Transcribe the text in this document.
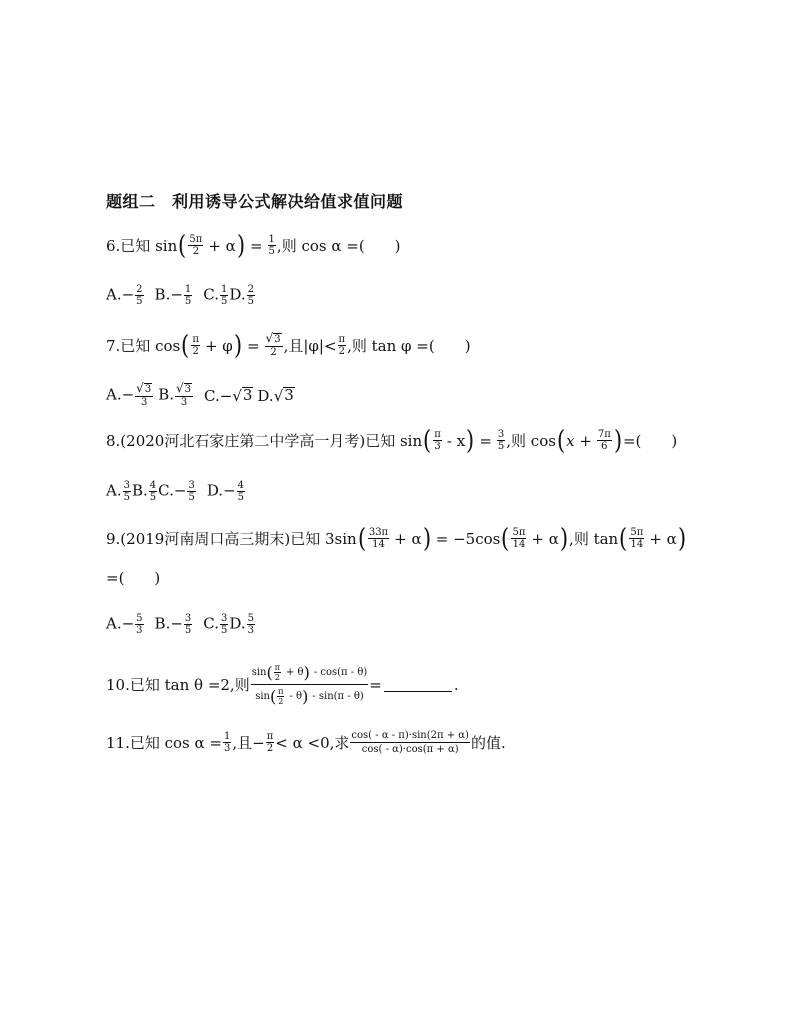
题组二　利用诱导公式解决给值求值问题
6.已知 sin ( $\frac{5\pi}{2} + \alpha$ ) = $\frac{1}{5}$ ,则 cos α =(　　)
$A.- \frac{2}{5} B.- \frac{1}{5} C$. $\frac{1}{5} D$. $\frac{2}{5}$
7.已知 cos ( $\frac{\pi}{2} + \varphi$ ) = $\frac{√ 3}{2}$ ,且$|\varphi|< \frac{\pi}{2}$ ,则 tan φ =(　　)
$A.- \frac{√ 3}{3} B$. $\frac{√ 3}{3} C.-$ √ 3 D. √ 3
8.(2020河北石家庄第二中学高一月考)已知 sin ( $\frac{\pi}{3}$ - x ) = $\frac{3}{5}$ ,则 cos ( $x + \frac{7\pi}{6}$ ) =(　　)
A. $\frac{3}{5} B$. $\frac{4}{5} C.- \frac{3}{5} D.- \frac{4}{5}$
9.(2019河南周口高三期末)已知 3sin ( $\frac{33\pi}{14} + \alpha$ ) = −5cos ( $\frac{5\pi}{14} + \alpha$ ) ,则 tan ( $\frac{5\pi}{14} + \alpha$ )
=(　　)
$A.- \frac{5}{3} B.- \frac{3}{5} C$. $\frac{3}{5} D$. $\frac{5}{3}$
10.已知 tan θ =2,则 $\frac{\sin ( \frac{\pi}{2} + \theta ) - \cos(\pi - \theta)}{\sin ( \frac{\pi}{2} - \theta ) - \sin(\pi - \theta)}$ =	.
11.已知 $\cos \alpha = \frac{1}{3}$ ,且− $\frac{\pi}{2} < \alpha <0$,求 $\frac{\cos( - \alpha - \pi)\cdot\sin(2\pi + \alpha)}{\cos( - \alpha)\cdot\cos(\pi + \alpha)}$ 的值.
